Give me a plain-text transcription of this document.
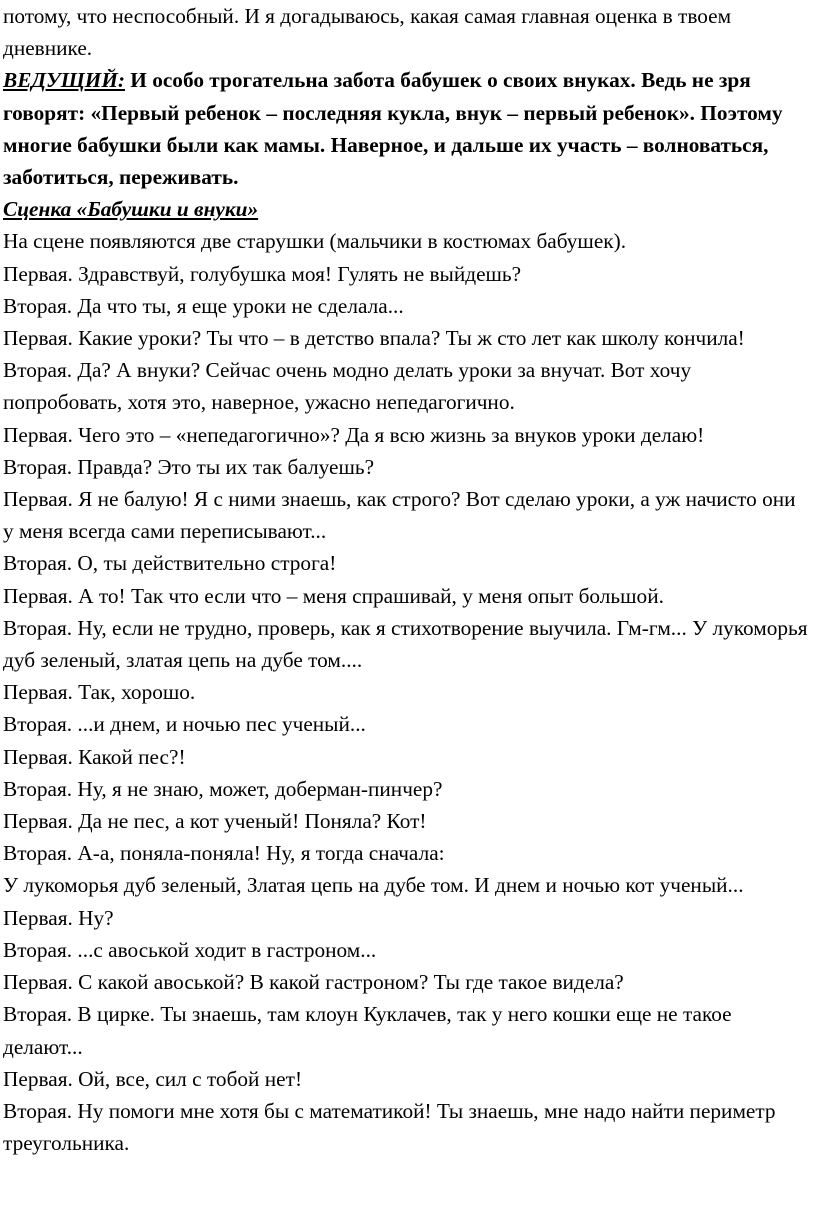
потому, что неспособный. И я догадываюсь, какая самая главная оценка в твоем дневнике.

ВЕДУЩИЙ: И особо трогательна забота бабушек о своих внуках. Ведь не зря говорят: «Первый ребенок – последняя кукла, внук – первый ребенок». Поэтому многие бабушки были как мамы. Наверное, и дальше их участь – волноваться, заботиться, переживать.

Сценка «Бабушки и внуки»

На сцене появляются две старушки (мальчики в костюмах бабушек).

Первая. Здравствуй, голубушка моя! Гулять не выйдешь?

Вторая. Да что ты, я еще уроки не сделала...

Первая. Какие уроки? Ты что – в детство впала? Ты ж сто лет как школу кончила!

Вторая. Да? А внуки? Сейчас очень модно делать уроки за внучат. Вот хочу попробовать, хотя это, наверное, ужасно непедагогично.

Первая. Чего это – «непедагогично»? Да я всю жизнь за внуков уроки делаю!

Вторая. Правда? Это ты их так балуешь?

Первая. Я не балую! Я с ними знаешь, как строго? Вот сделаю уроки, а уж начисто они у меня всегда сами переписывают...

Вторая. О, ты действительно строга!

Первая. А то! Так что если что – меня спрашивай, у меня опыт большой.

Вторая. Ну, если не трудно, проверь, как я стихотворение выучила. Гм-гм... У лукоморья дуб зеленый, златая цепь на дубе том....

Первая. Так, хорошо.

Вторая. ...и днем, и ночью пес ученый...

Первая. Какой пес?!

Вторая. Ну, я не знаю, может, доберман-пинчер?

Первая. Да не пес, а кот ученый! Поняла? Кот!

Вторая. А-а, поняла-поняла! Ну, я тогда сначала:

У лукоморья дуб зеленый, Златая цепь на дубе том. И днем и ночью кот ученый...

Первая. Ну?

Вторая. ...с авоськой ходит в гастроном...

Первая. С какой авоськой? В какой гастроном? Ты где такое видела?

Вторая. В цирке. Ты знаешь, там клоун Куклачев, так у него кошки еще не такое делают...

Первая. Ой, все, сил с тобой нет!

Вторая. Ну помоги мне хотя бы с математикой! Ты знаешь, мне надо найти периметр треугольника.
